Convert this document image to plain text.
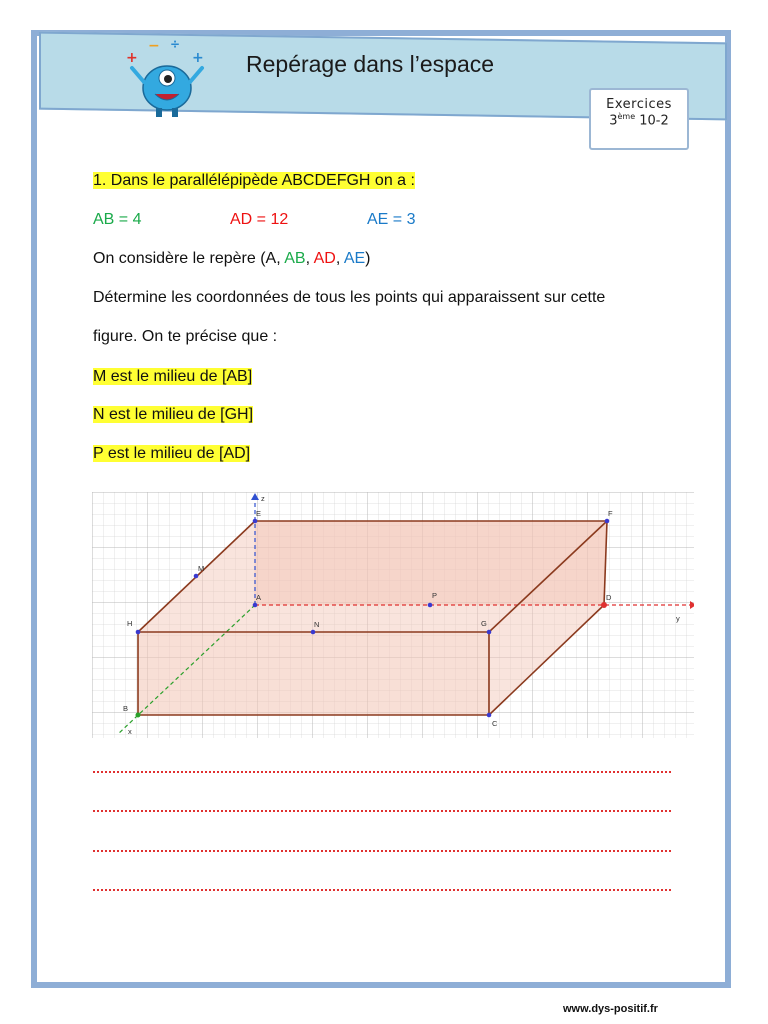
+
− ÷
+ Repérage dans l’espace
Exercices
3ème 10-2
1. Dans le parallélépipède ABCDEFGH on a :
AB = 4	AD = 12	AE = 3
On considère le repère (A, AB, AD, AE)
Détermine les coordonnées de tous les points qui apparaissent sur cette
figure. On te précise que :
M est le milieu de [AB]
N est le milieu de [GH]
P est le milieu de [AD]
E	F
A	D
H	G
B
C
M
N
P
x
y
z
www.dys-positif.fr
